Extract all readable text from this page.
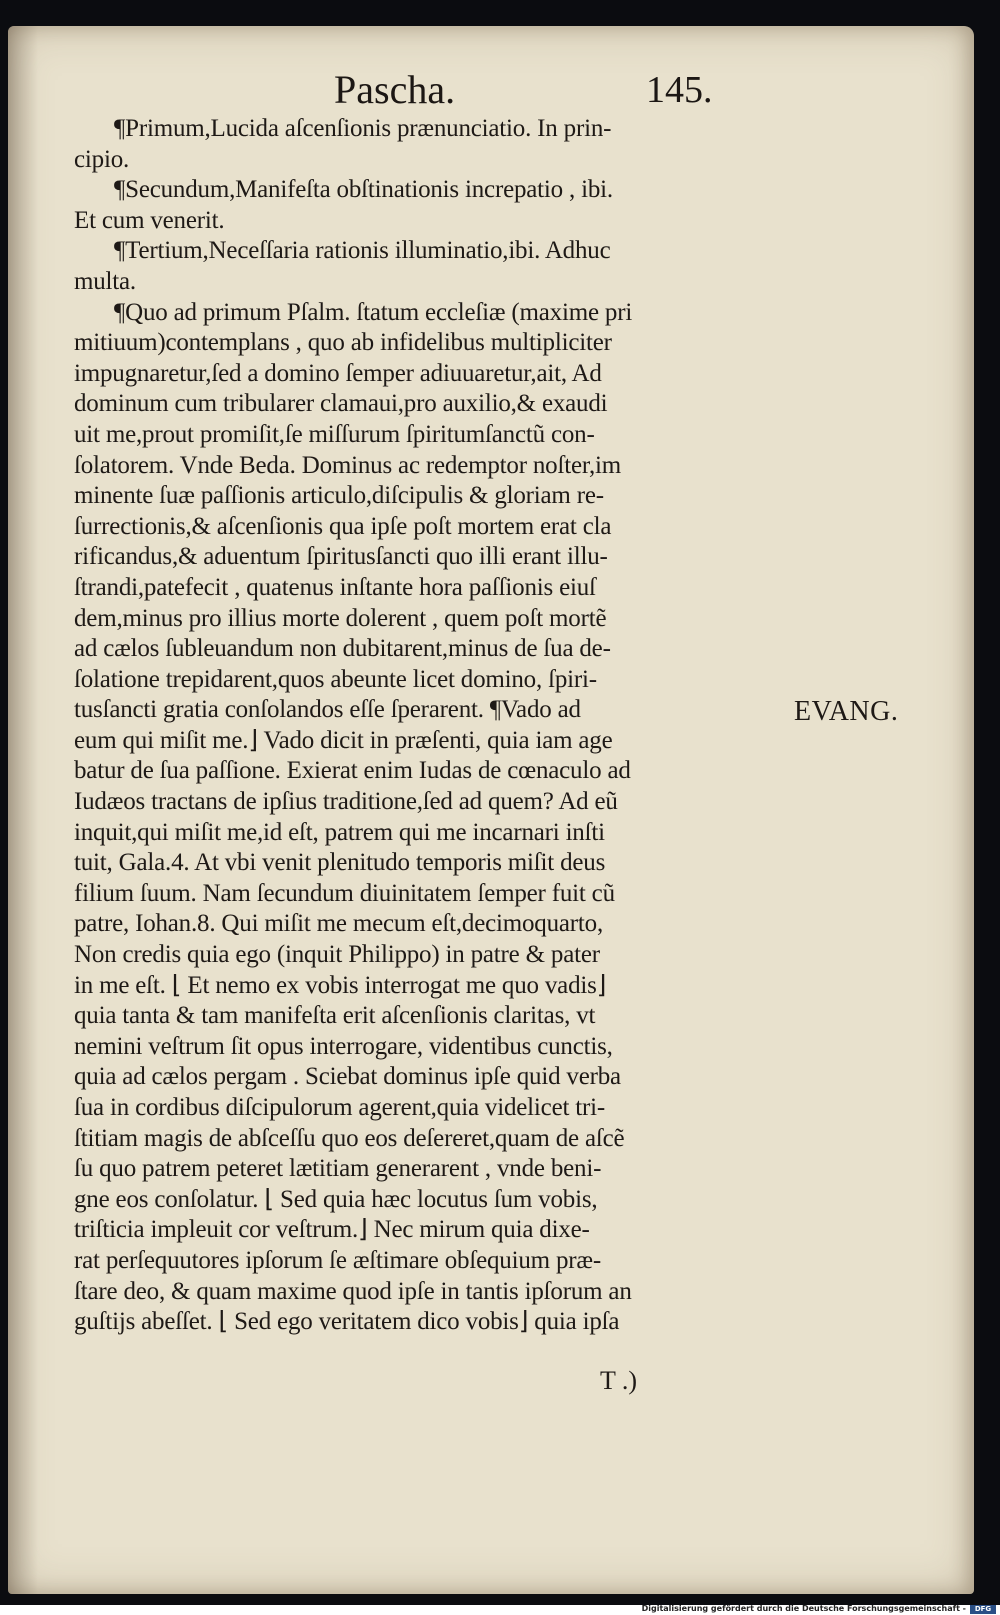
Pascha.	145.
¶Primum,Lucida aſcenſionis prænunciatio. In prin-
cipio.
¶Secundum,Manifeſta obſtinationis increpatio , ibi.
Et cum venerit.
¶Tertium,Neceſſaria rationis illuminatio,ibi. Adhuc
multa.
¶Quo ad primum Pſalm. ſtatum eccleſiæ (maxime pri
mitiuum)contemplans , quo ab infidelibus multipliciter
impugnaretur,ſed a domino ſemper adiuuaretur,ait, Ad
dominum cum tribularer clamaui,pro auxilio,& exaudi
uit me,prout promiſit,ſe miſſurum ſpiritumſanctũ con-
ſolatorem. Vnde Beda. Dominus ac redemptor noſter,im
minente ſuæ paſſionis articulo,diſcipulis & gloriam re-
ſurrectionis,& aſcenſionis qua ipſe poſt mortem erat cla
rificandus,& aduentum ſpiritusſancti quo illi erant illu-
ſtrandi,patefecit , quatenus inſtante hora paſſionis eiuſ
dem,minus pro illius morte dolerent , quem poſt mortẽ
ad cælos ſubleuandum non dubitarent,minus de ſua de-
ſolatione trepidarent,quos abeunte licet domino, ſpiri-
tusſancti gratia conſolandos eſſe ſperarent. ¶Vado ad
eum qui miſit me.⌋ Vado dicit in præſenti, quia iam age
batur de ſua paſſione. Exierat enim Iudas de cœnaculo ad
Iudæos tractans de ipſius traditione,ſed ad quem? Ad eũ
inquit,qui miſit me,id eſt, patrem qui me incarnari inſti
tuit, Gala.4. At vbi venit plenitudo temporis miſit deus
filium ſuum. Nam ſecundum diuinitatem ſemper fuit cũ
patre, Iohan.8. Qui miſit me mecum eſt,decimoquarto,
Non credis quia ego (inquit Philippo) in patre & pater
in me eſt. ⌊ Et nemo ex vobis interrogat me quo vadis⌋
quia tanta & tam manifeſta erit aſcenſionis claritas, vt
nemini veſtrum ſit opus interrogare, videntibus cunctis,
quia ad cælos pergam . Sciebat dominus ipſe quid verba
ſua in cordibus diſcipulorum agerent,quia videlicet tri-
ſtitiam magis de abſceſſu quo eos deſereret,quam de aſcẽ
ſu quo patrem peteret lætitiam generarent , vnde beni-
gne eos conſolatur. ⌊ Sed quia hæc locutus ſum vobis,
triſticia impleuit cor veſtrum.⌋ Nec mirum quia dixe-
rat perſequutores ipſorum ſe æſtimare obſequium præ-
ſtare deo, & quam maxime quod ipſe in tantis ipſorum an
guſtijs abeſſet. ⌊ Sed ego veritatem dico vobis⌋ quia ipſa
EVANG.
T .)
Digitalisierung gefördert durch die Deutsche Forschungsgemeinschaft -	DFG
